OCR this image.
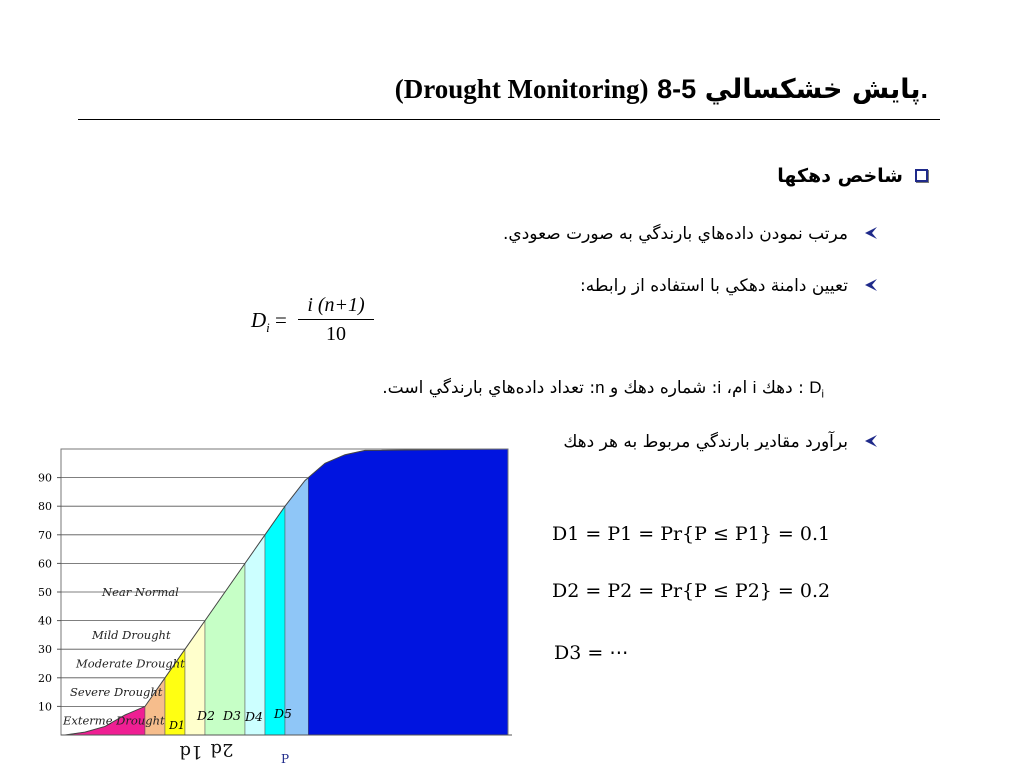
(Drought Monitoring) پايش خشكسالي 5-8.
شاخص دهكها
مرتب نمودن داده‌هاي بارندگي به صورت صعودي.
تعيين دامنة دهكي با استفاده از رابطه:
$D_i = \frac{i (n+1)}{10}$
$D_i$ : دهك i ام، i: شماره دهك و n: تعداد داده‌هاي بارندگي است.
برآورد مقادير بارندگي مربوط به هر دهك
10
20
30
40
50
60
70
80
90
Exterme Drought
Severe Drought
Moderate Drought
Mild Drought
Near Normal
D1
D2 D3 D4 D5
1d 2d	P
D1 = P1 = Pr{P ≤ P1} = 0.1
D2 = P2 = Pr{P ≤ P2} = 0.2
D3 = ⋯
